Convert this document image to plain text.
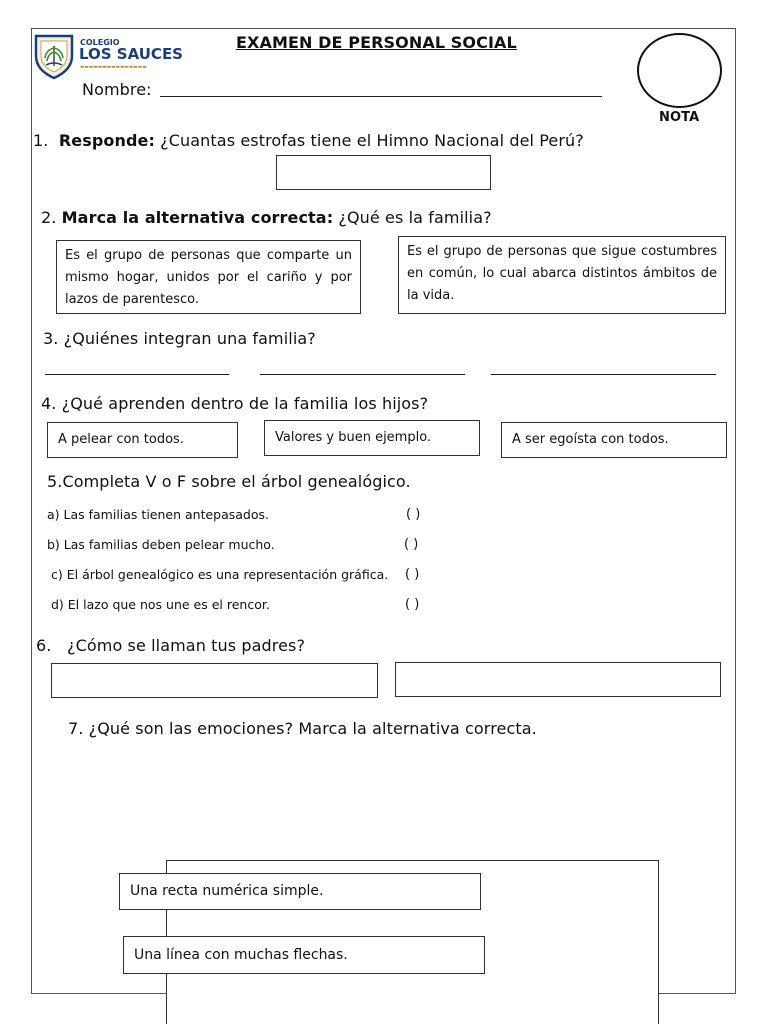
COLEGIO
LOS SAUCES
▬▬▬▬▬▬▬▬▬▬▬▬▬▬▬
EXAMEN DE PERSONAL SOCIAL
NOTA
Nombre:
1. Responde: ¿Cuantas estrofas tiene el Himno Nacional del Perú?
2. Marca la alternativa correcta: ¿Qué es la familia?
Es el grupo de personas que comparte un mismo hogar, unidos por el cariño y por lazos de parentesco.
Es el grupo de personas que sigue costumbres en común, lo cual abarca distintos ámbitos de la vida.
3. ¿Quiénes integran una familia?
4. ¿Qué aprenden dentro de la familia los hijos?
A pelear con todos.	Valores y buen ejemplo.	A ser egoísta con todos.
5.Completa V o F sobre el árbol genealógico.
a) Las familias tienen antepasados.	( )
b) Las familias deben pelear mucho.	( )
c) El árbol genealógico es una representación gráfica. ( )
d) El lazo que nos une es el rencor.	( )
6. ¿Cómo se llaman tus padres?
7. ¿Qué son las emociones? Marca la alternativa correcta.
Una recta numérica simple.
Una línea con muchas flechas.
